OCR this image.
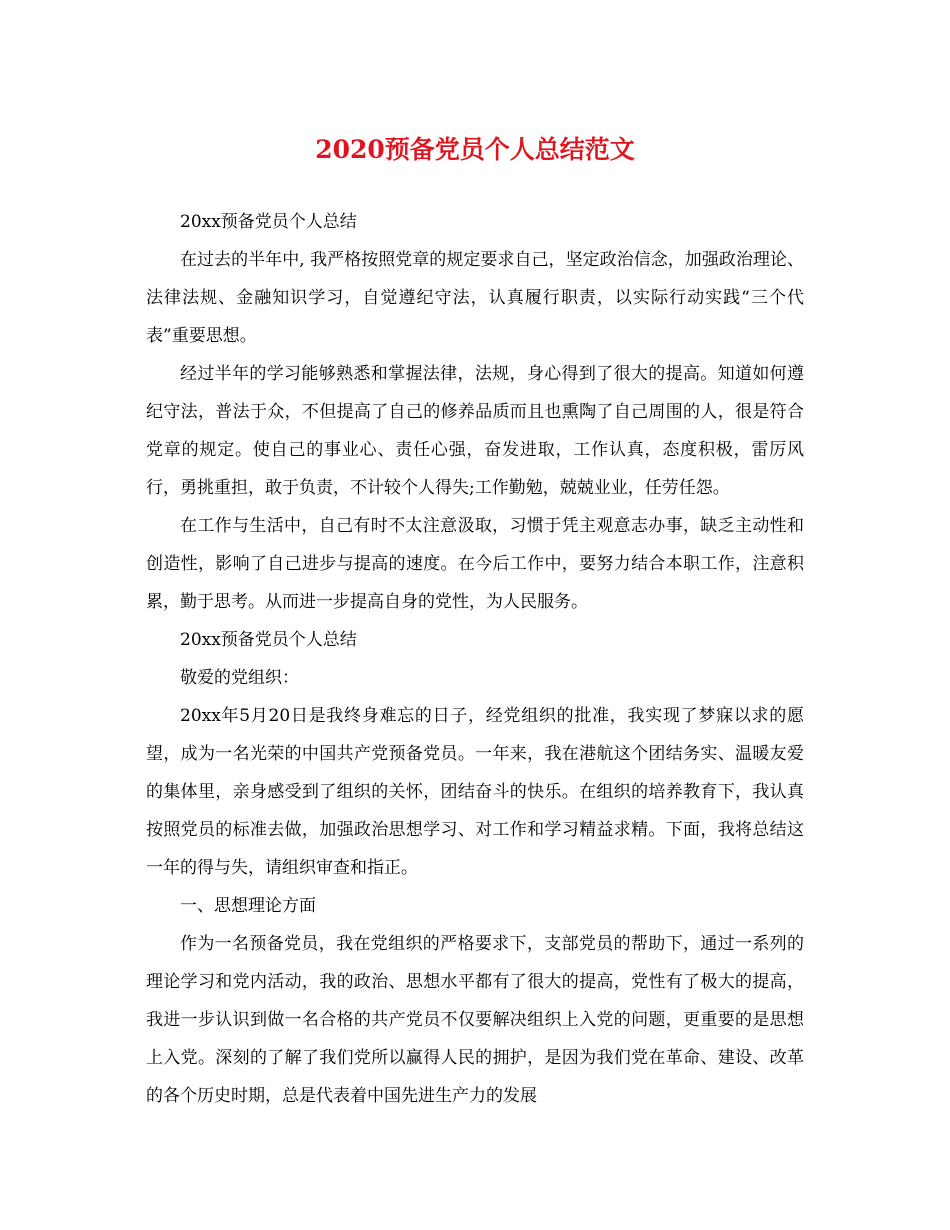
2020预备党员个人总结范文

20xx预备党员个人总结

在过去的半年中, 我严格按照党章的规定要求自己，坚定政治信念，加强政治理论、法律法规、金融知识学习，自觉遵纪守法，认真履行职责，以实际行动实践“三个代表”重要思想。

经过半年的学习能够熟悉和掌握法律，法规，身心得到了很大的提高。知道如何遵纪守法，普法于众，不但提高了自己的修养品质而且也熏陶了自己周围的人，很是符合党章的规定。使自己的事业心、责任心强，奋发进取，工作认真，态度积极，雷厉风行，勇挑重担，敢于负责，不计较个人得失;工作勤勉，兢兢业业，任劳任怨。

在工作与生活中，自己有时不太注意汲取，习惯于凭主观意志办事，缺乏主动性和创造性，影响了自己进步与提高的速度。在今后工作中，要努力结合本职工作，注意积累，勤于思考。从而进一步提高自身的党性，为人民服务。

20xx预备党员个人总结

敬爱的党组织：

20xx年5月20日是我终身难忘的日子，经党组织的批准，我实现了梦寐以求的愿望，成为一名光荣的中国共产党预备党员。一年来，我在港航这个团结务实、温暖友爱的集体里，亲身感受到了组织的关怀，团结奋斗的快乐。在组织的培养教育下，我认真按照党员的标准去做，加强政治思想学习、对工作和学习精益求精。下面，我将总结这一年的得与失，请组织审查和指正。

一、思想理论方面

作为一名预备党员，我在党组织的严格要求下，支部党员的帮助下，通过一系列的理论学习和党内活动，我的政治、思想水平都有了很大的提高，党性有了极大的提高，我进一步认识到做一名合格的共产党员不仅要解决组织上入党的问题，更重要的是思想上入党。深刻的了解了我们党所以赢得人民的拥护，是因为我们党在革命、建设、改革的各个历史时期，总是代表着中国先进生产力的发展
